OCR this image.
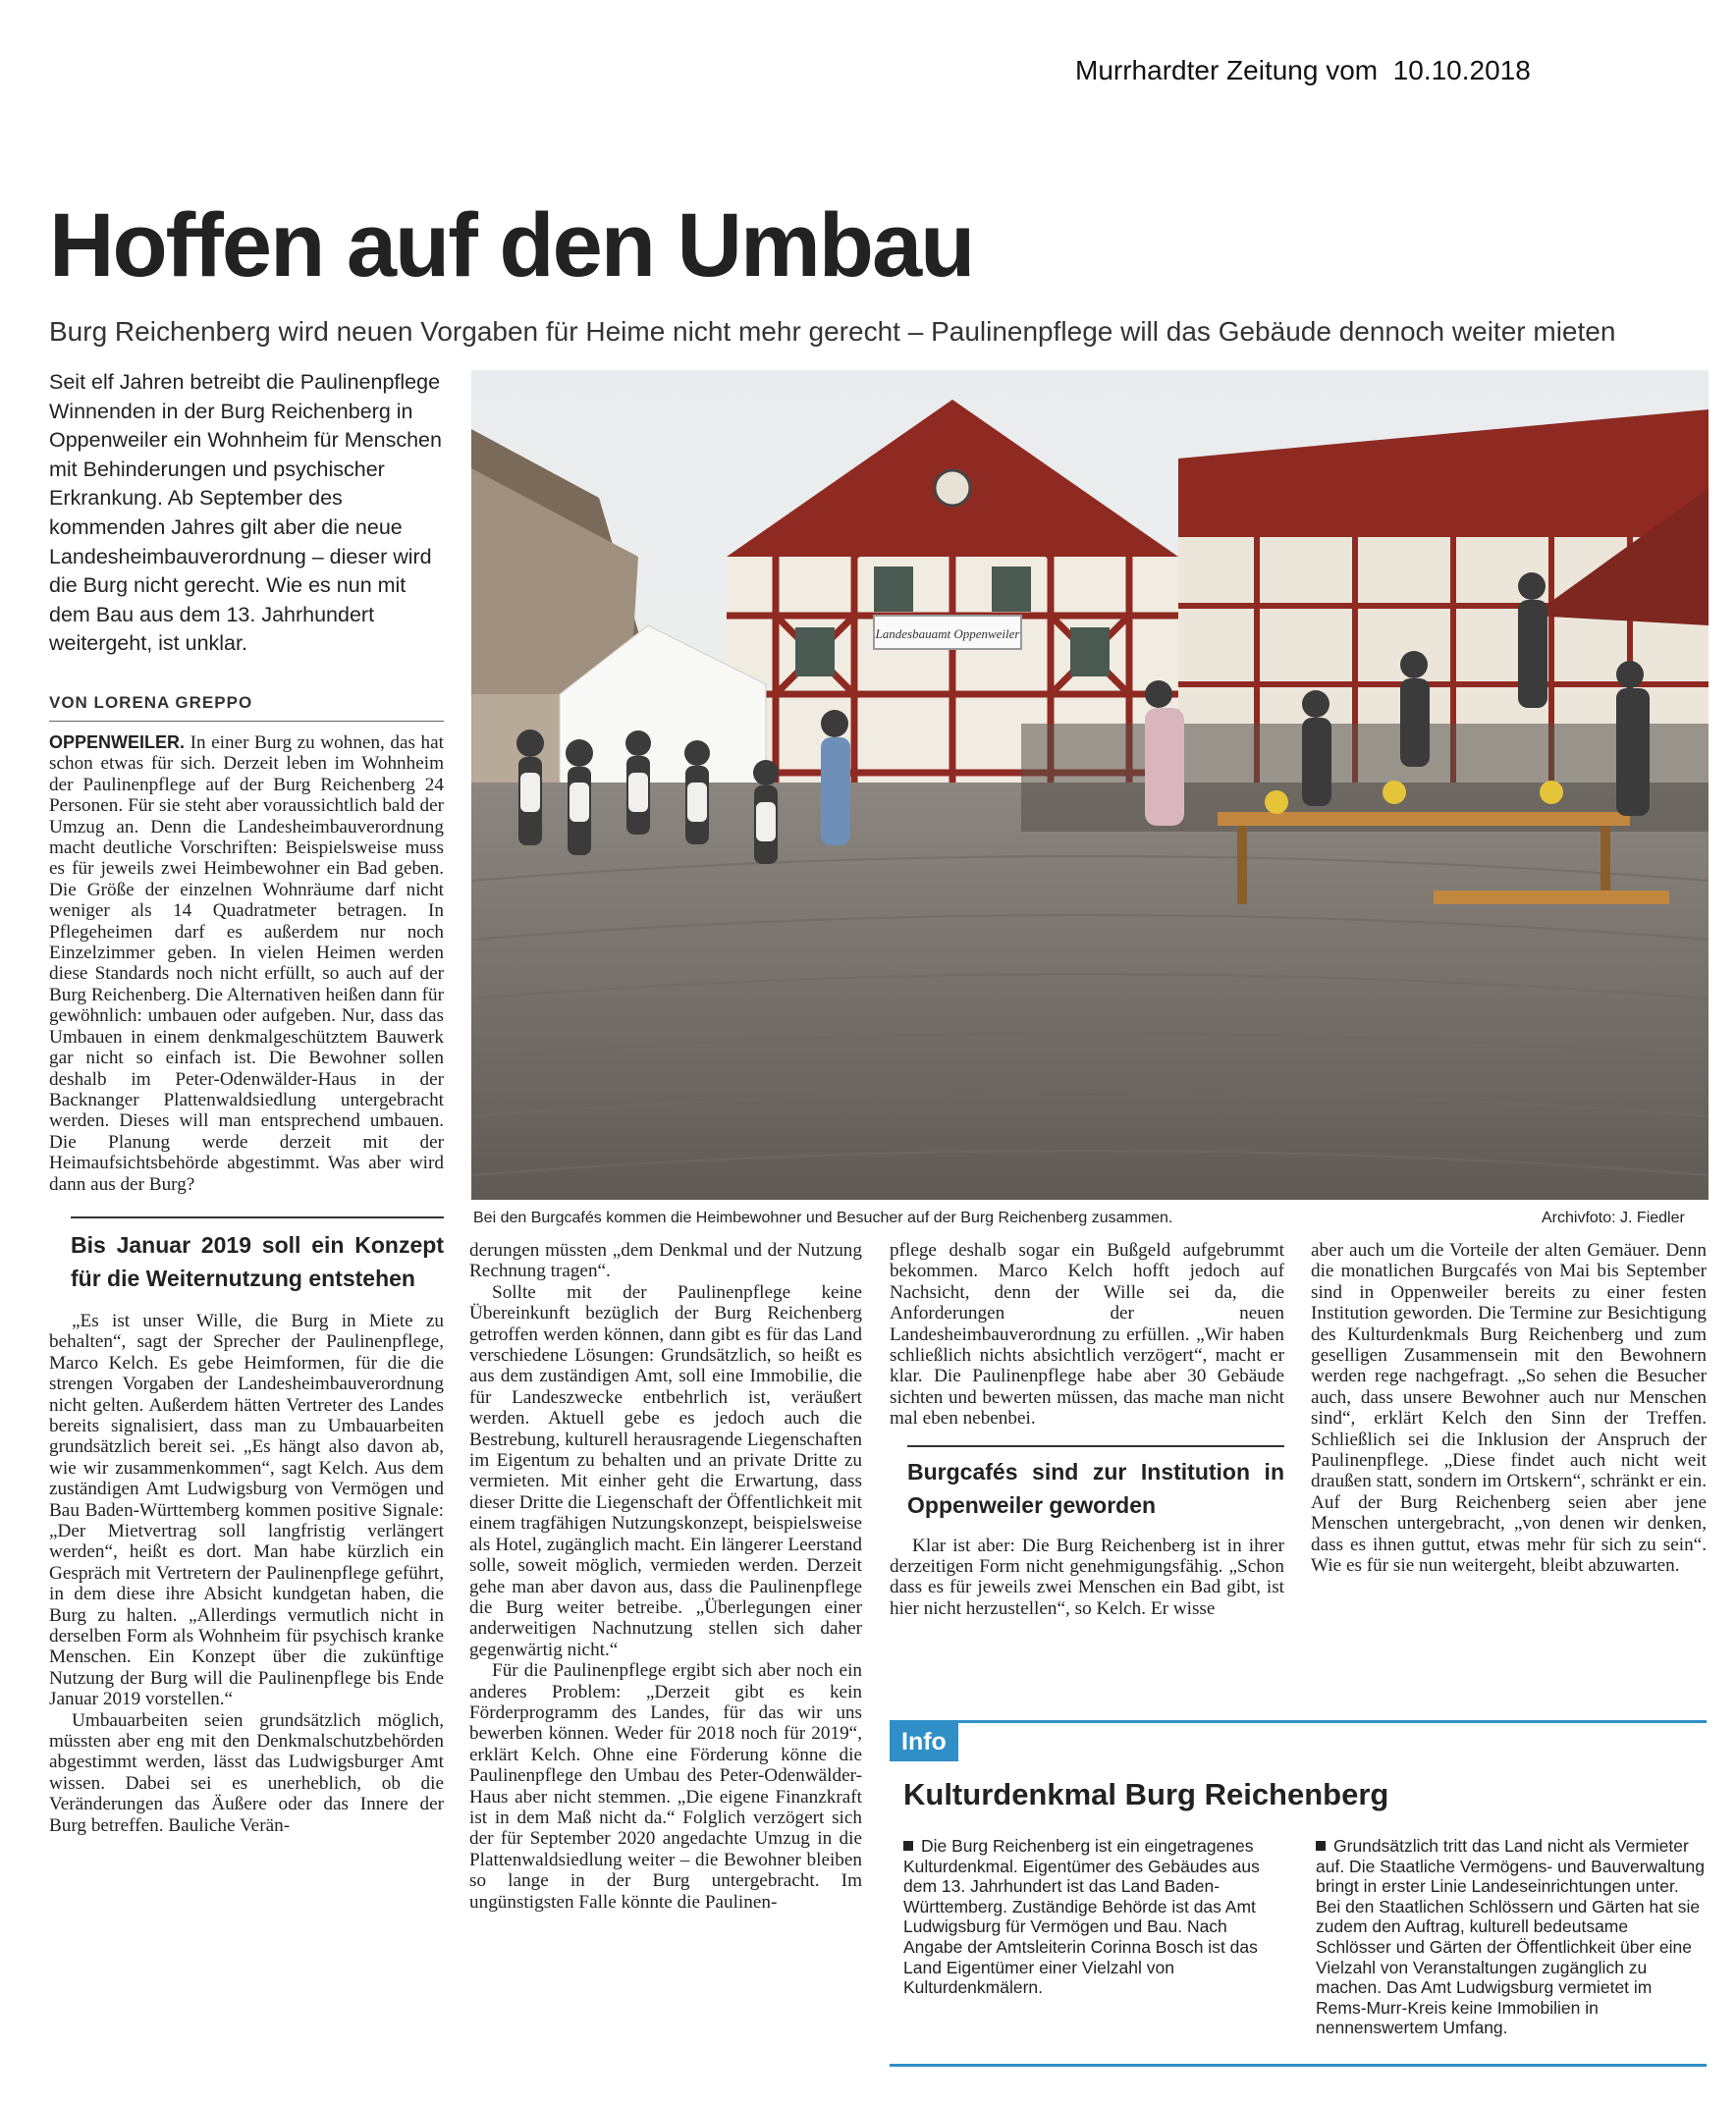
Murrhardter Zeitung vom  10.10.2018
Hoffen auf den Umbau
Burg Reichenberg wird neuen Vorgaben für Heime nicht mehr gerecht – Paulinenpflege will das Gebäude dennoch weiter mieten
Seit elf Jahren betreibt die Paulinenpflege Winnenden in der Burg Reichenberg in Oppenweiler ein Wohnheim für Menschen mit Behinderungen und psychischer Erkrankung. Ab September des kommenden Jahres gilt aber die neue Landesheimbauverordnung – dieser wird die Burg nicht gerecht. Wie es nun mit dem Bau aus dem 13. Jahrhundert weitergeht, ist unklar.
VON LORENA GREPPO

OPPENWEILER. In einer Burg zu wohnen, das hat schon etwas für sich. Derzeit leben im Wohnheim der Paulinenpflege auf der Burg Reichenberg 24 Personen. Für sie steht aber voraussichtlich bald der Umzug an. Denn die Landesheimbauverordnung macht deutliche Vorschriften: Beispielsweise muss es für jeweils zwei Heimbewohner ein Bad geben. Die Größe der einzelnen Wohnräume darf nicht weniger als 14 Quadratmeter betragen. In Pflegeheimen darf es außerdem nur noch Einzelzimmer geben. In vielen Heimen werden diese Standards noch nicht erfüllt, so auch auf der Burg Reichenberg. Die Alternativen heißen dann für gewöhnlich: umbauen oder aufgeben. Nur, dass das Umbauen in einem denkmalgeschütztem Bauwerk gar nicht so einfach ist. Die Bewohner sollen deshalb im Peter-Odenwälder-Haus in der Backnanger Plattenwaldsiedlung untergebracht werden. Dieses will man entsprechend umbauen. Die Planung werde derzeit mit der Heimaufsichtsbehörde abgestimmt. Was aber wird dann aus der Burg?

Bis Januar 2019 soll ein Konzept für die Weiternutzung entstehen

„Es ist unser Wille, die Burg in Miete zu behalten“, sagt der Sprecher der Paulinenpflege, Marco Kelch. Es gebe Heimformen, für die die strengen Vorgaben der Landesheimbauverordnung nicht gelten. Außerdem hätten Vertreter des Landes bereits signalisiert, dass man zu Umbauarbeiten grundsätzlich bereit sei. „Es hängt also davon ab, wie wir zusammenkommen“, sagt Kelch. Aus dem zuständigen Amt Ludwigsburg von Vermögen und Bau Baden-Württemberg kommen positive Signale: „Der Mietvertrag soll langfristig verlängert werden“, heißt es dort. Man habe kürzlich ein Gespräch mit Vertretern der Paulinenpflege geführt, in dem diese ihre Absicht kundgetan haben, die Burg zu halten. „Allerdings vermutlich nicht in derselben Form als Wohnheim für psychisch kranke Menschen. Ein Konzept über die zukünftige Nutzung der Burg will die Paulinenpflege bis Ende Januar 2019 vorstellen.“

Umbauarbeiten seien grundsätzlich möglich, müssten aber eng mit den Denkmalschutzbehörden abgestimmt werden, lässt das Ludwigsburger Amt wissen. Dabei sei es unerheblich, ob die Veränderungen das Äußere oder das Innere der Burg betreffen. Bauliche Verän-

Landesbauamt Oppenweiler
Bei den Burgcafés kommen die Heimbewohner und Besucher auf der Burg Reichenberg zusammen.	Archivfoto: J. Fiedler

derungen müssten „dem Denkmal und der Nutzung Rechnung tragen“.

Sollte mit der Paulinenpflege keine Übereinkunft bezüglich der Burg Reichenberg getroffen werden können, dann gibt es für das Land verschiedene Lösungen: Grundsätzlich, so heißt es aus dem zuständigen Amt, soll eine Immobilie, die für Landeszwecke entbehrlich ist, veräußert werden. Aktuell gebe es jedoch auch die Bestrebung, kulturell herausragende Liegenschaften im Eigentum zu behalten und an private Dritte zu vermieten. Mit einher geht die Erwartung, dass dieser Dritte die Liegenschaft der Öffentlichkeit mit einem tragfähigen Nutzungskonzept, beispielsweise als Hotel, zugänglich macht. Ein längerer Leerstand solle, soweit möglich, vermieden werden. Derzeit gehe man aber davon aus, dass die Paulinenpflege die Burg weiter betreibe. „Überlegungen einer anderweitigen Nachnutzung stellen sich daher gegenwärtig nicht.“

Für die Paulinenpflege ergibt sich aber noch ein anderes Problem: „Derzeit gibt es kein Förderprogramm des Landes, für das wir uns bewerben können. Weder für 2018 noch für 2019“, erklärt Kelch. Ohne eine Förderung könne die Paulinenpflege den Umbau des Peter-Odenwälder-Haus aber nicht stemmen. „Die eigene Finanzkraft ist in dem Maß nicht da.“ Folglich verzögert sich der für September 2020 angedachte Umzug in die Plattenwaldsiedlung weiter – die Bewohner bleiben so lange in der Burg untergebracht. Im ungünstigsten Falle könnte die Paulinen-

pflege deshalb sogar ein Bußgeld aufgebrummt bekommen. Marco Kelch hofft jedoch auf Nachsicht, denn der Wille sei da, die Anforderungen der neuen Landesheimbauverordnung zu erfüllen. „Wir haben schließlich nichts absichtlich verzögert“, macht er klar. Die Paulinenpflege habe aber 30 Gebäude sichten und bewerten müssen, das mache man nicht mal eben nebenbei.

Burgcafés sind zur Institution in Oppenweiler geworden

Klar ist aber: Die Burg Reichenberg ist in ihrer derzeitigen Form nicht genehmigungsfähig. „Schon dass es für jeweils zwei Menschen ein Bad gibt, ist hier nicht herzustellen“, so Kelch. Er wisse

aber auch um die Vorteile der alten Gemäuer. Denn die monatlichen Burgcafés von Mai bis September sind in Oppenweiler bereits zu einer festen Institution geworden. Die Termine zur Besichtigung des Kulturdenkmals Burg Reichenberg und zum geselligen Zusammensein mit den Bewohnern werden rege nachgefragt. „So sehen die Besucher auch, dass unsere Bewohner auch nur Menschen sind“, erklärt Kelch den Sinn der Treffen. Schließlich sei die Inklusion der Anspruch der Paulinenpflege. „Diese findet auch nicht weit draußen statt, sondern im Ortskern“, schränkt er ein. Auf der Burg Reichenberg seien aber jene Menschen untergebracht, „von denen wir denken, dass es ihnen guttut, etwas mehr für sich zu sein“. Wie es für sie nun weitergeht, bleibt abzuwarten.

Info
Kulturdenkmal Burg Reichenberg
Die Burg Reichenberg ist ein eingetragenes Kulturdenkmal. Eigentümer des Gebäudes aus dem 13. Jahrhundert ist das Land Baden-Württemberg. Zuständige Behörde ist das Amt Ludwigsburg für Vermögen und Bau. Nach Angabe der Amtsleiterin Corinna Bosch ist das Land Eigentümer einer Vielzahl von Kulturdenkmälern.
Grundsätzlich tritt das Land nicht als Vermieter auf. Die Staatliche Vermögens- und Bauverwaltung bringt in erster Linie Landeseinrichtungen unter. Bei den Staatlichen Schlössern und Gärten hat sie zudem den Auftrag, kulturell bedeutsame Schlösser und Gärten der Öffentlichkeit über eine Vielzahl von Veranstaltungen zugänglich zu machen. Das Amt Ludwigsburg vermietet im Rems-Murr-Kreis keine Immobilien in nennenswertem Umfang.
